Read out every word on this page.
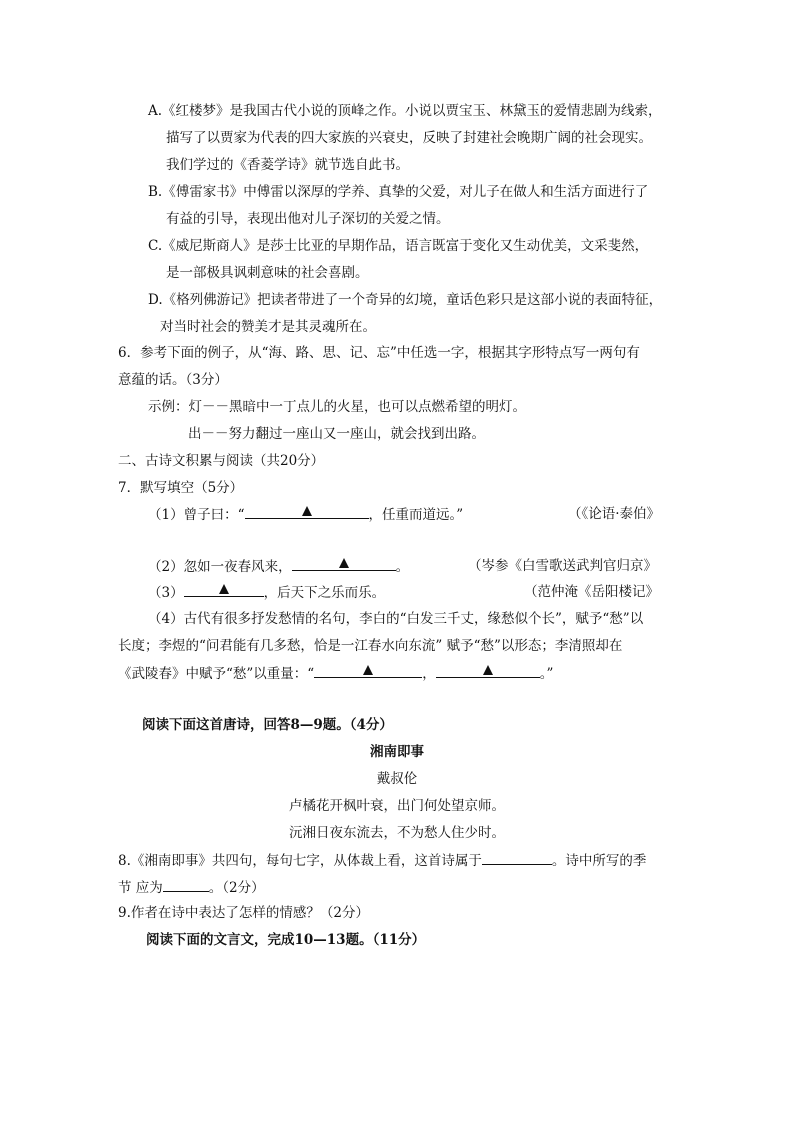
A.《红楼梦》是我国古代小说的顶峰之作。小说以贾宝玉、林黛玉的爱情悲剧为线索，
描写了以贾家为代表的四大家族的兴衰史，反映了封建社会晚期广阔的社会现实。
我们学过的《香菱学诗》就节选自此书。
B.《傅雷家书》中傅雷以深厚的学养、真挚的父爱，对儿子在做人和生活方面进行了
有益的引导，表现出他对儿子深切的关爱之情。
C.《威尼斯商人》是莎士比亚的早期作品，语言既富于变化又生动优美，文采斐然，
是一部极具讽刺意味的社会喜剧。
D.《格列佛游记》把读者带进了一个奇异的幻境，童话色彩只是这部小说的表面特征，
对当时社会的赞美才是其灵魂所在。
6．参考下面的例子，从“海、路、思、记、忘”中任选一字，根据其字形特点写一两句有
意蕴的话。（3分）
示例：灯－－黑暗中一丁点儿的火星，也可以点燃希望的明灯。
出－－努力翻过一座山又一座山，就会找到出路。
二、古诗文积累与阅读（共20分）
7．默写填空（5分）
（1）曾子曰：“	，任重而道远。”	（《论语·泰伯》
（2）忽如一夜春风来，	。	（岑参《白雪歌送武判官归京》
（3）	，后天下之乐而乐。	（范仲淹《岳阳楼记》
（4）古代有很多抒发愁情的名句，李白的“白发三千丈，缘愁似个长”，赋予“愁”以
长度；李煜的“问君能有几多愁，恰是一江春水向东流” 赋予“愁”以形态；李清照却在
《武陵春》中赋予“愁”以重量：“	，	。”
阅读下面这首唐诗，回答8—9题。（4分）
湘南即事
戴叔伦
卢橘花开枫叶衰，出门何处望京师。
沅湘日夜东流去，不为愁人住少时。
8.《湘南即事》共四句，每句七字，从体裁上看，这首诗属于	。诗中所写的季
节 应为	。（2分）
9.作者在诗中表达了怎样的情感？（2分）
阅读下面的文言文，完成10—13题。（11分）
